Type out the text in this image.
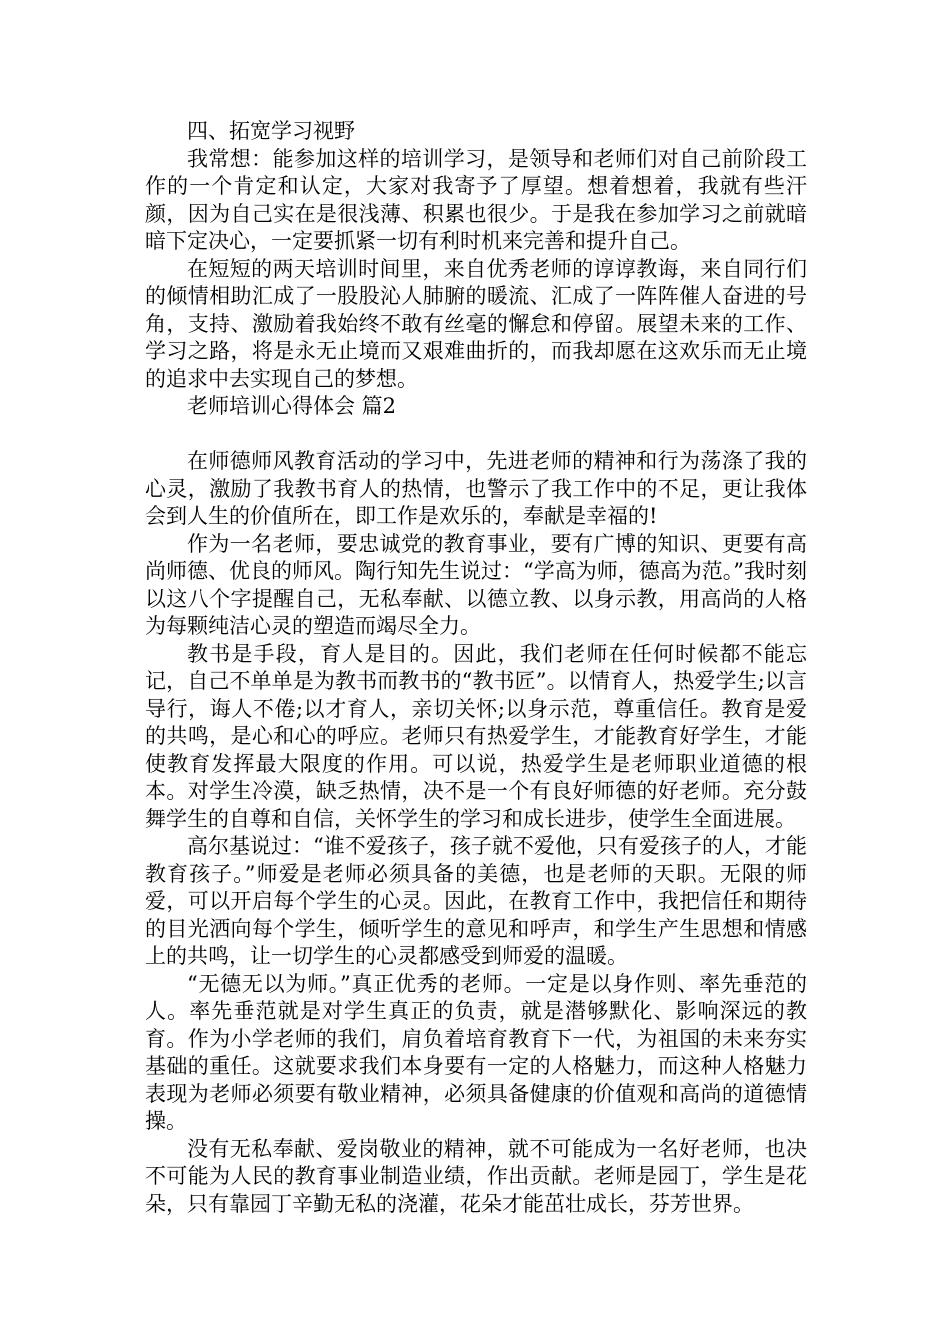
四、拓宽学习视野

我常想：能参加这样的培训学习，是领导和老师们对自己前阶段工作的一个肯定和认定，大家对我寄予了厚望。想着想着，我就有些汗颜，因为自己实在是很浅薄、积累也很少。于是我在参加学习之前就暗暗下定决心，一定要抓紧一切有利时机来完善和提升自己。

在短短的两天培训时间里，来自优秀老师的谆谆教诲，来自同行们的倾情相助汇成了一股股沁人肺腑的暖流、汇成了一阵阵催人奋进的号角，支持、激励着我始终不敢有丝毫的懈怠和停留。展望未来的工作、学习之路，将是永无止境而又艰难曲折的，而我却愿在这欢乐而无止境的追求中去实现自己的梦想。

老师培训心得体会 篇2

在师德师风教育活动的学习中，先进老师的精神和行为荡涤了我的心灵，激励了我教书育人的热情，也警示了我工作中的不足，更让我体会到人生的价值所在，即工作是欢乐的，奉献是幸福的!

作为一名老师，要忠诚党的教育事业，要有广博的知识、更要有高尚师德、优良的师风。陶行知先生说过：“学高为师，德高为范。”我时刻以这八个字提醒自己，无私奉献、以德立教、以身示教，用高尚的人格为每颗纯洁心灵的塑造而竭尽全力。

教书是手段，育人是目的。因此，我们老师在任何时候都不能忘记，自己不单单是为教书而教书的“教书匠”。以情育人，热爱学生;以言导行，诲人不倦;以才育人，亲切关怀;以身示范，尊重信任。教育是爱的共鸣，是心和心的呼应。老师只有热爱学生，才能教育好学生，才能使教育发挥最大限度的作用。可以说，热爱学生是老师职业道德的根本。对学生冷漠，缺乏热情，决不是一个有良好师德的好老师。充分鼓舞学生的自尊和自信，关怀学生的学习和成长进步，使学生全面进展。

高尔基说过：“谁不爱孩子，孩子就不爱他，只有爱孩子的人，才能教育孩子。”师爱是老师必须具备的美德，也是老师的天职。无限的师爱，可以开启每个学生的心灵。因此，在教育工作中，我把信任和期待的目光洒向每个学生，倾听学生的意见和呼声，和学生产生思想和情感上的共鸣，让一切学生的心灵都感受到师爱的温暖。

“无德无以为师。”真正优秀的老师。一定是以身作则、率先垂范的人。率先垂范就是对学生真正的负责，就是潜够默化、影响深远的教育。作为小学老师的我们，肩负着培育教育下一代，为祖国的未来夯实基础的重任。这就要求我们本身要有一定的人格魅力，而这种人格魅力表现为老师必须要有敬业精神，必须具备健康的价值观和高尚的道德情操。

没有无私奉献、爱岗敬业的精神，就不可能成为一名好老师，也决不可能为人民的教育事业制造业绩，作出贡献。老师是园丁，学生是花朵，只有靠园丁辛勤无私的浇灌，花朵才能茁壮成长，芬芳世界。
